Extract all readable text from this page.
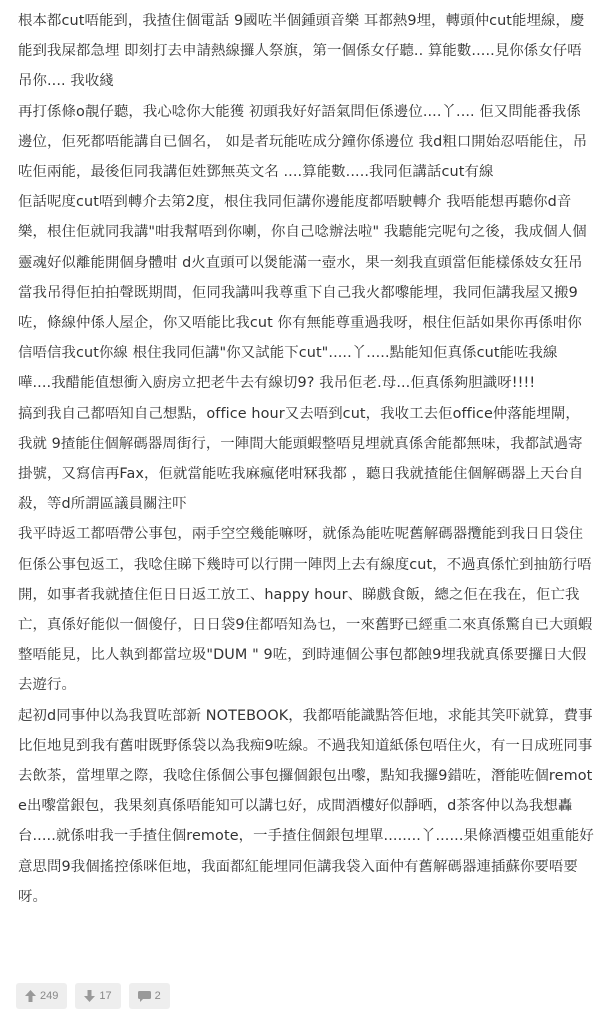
根本都cut唔能到，我揸住個電話 9國咗半個鍾頭音樂 耳都熱9埋，轉頭仲cut能埋線，慶能到我屎都急埋 即刻打去申請熱線攞人祭旗，第一個係女仔聽.. 算能數.....見你係女仔唔吊你.... 我收綫

再打係條o靚仔聽，我心唸你大能獲 初頭我好好語氣問佢係邊位....丫.... 佢又問能番我係邊位，佢死都唔能講自已個名， 如是者玩能咗成分鐘你係邊位 我d粗口開始忍唔能住，吊咗佢兩能，最後佢同我講佢姓鄧無英文名 ....算能數.....我同佢講話cut有線

佢話呢度cut唔到轉介去第2度，根住我同佢講你邊能度都唔駛轉介 我唔能想再聽你d音樂，根住佢就同我講"咁我幫唔到你喇，你自己唸辦法啦" 我聽能完呢句之後，我成個人個靈魂好似離能開個身體咁 d火直頭可以煲能滿一壺水，果一刻我直頭當佢能樣係妓女狂吊 當我吊得佢拍拍聲既期間，佢同我講叫我尊重下自己我火都嚟能埋，我同佢講我屋又搬9咗，條線仲係人屋企，你又唔能比我cut 你有無能尊重過我呀，根住佢話如果你再係咁你信唔信我cut你線 根住我同佢講"你又試能下cut".....丫.....點能知佢真係cut能咗我線 嘩....我醋能值想衝入廚房立把老牛去有線切9? 我吊佢老.母...佢真係夠胆識呀!!!!

搞到我自己都唔知自己想點，office hour又去唔到cut，我收工去佢office仲落能埋閘，我就 9揸能住個解碼器周街行，一陣間大能頭蝦整唔見埋就真係舍能都無味，我都試過寄掛號，又寫信再Fax，佢就當能咗我麻瘋佬咁冧我都 ，聽日我就揸能住個解碼器上天台自殺，等d所謂區議員關注吓

我平時返工都唔帶公事包，兩手空空幾能嘛呀，就係為能咗呢舊解碼器攬能到我日日袋住佢係公事包返工，我唸住睇下幾時可以行開一陣閃上去有線度cut，不過真係忙到抽筋行唔開，如事者我就揸住佢日日返工放工、happy hour、睇戲食飯，總之佢在我在，佢亡我亡，真係好能似一個傻仔，日日袋9住都唔知為乜，一來舊野已經重二來真係驚自已大頭蝦整唔能見，比人執到都當垃圾"DUM " 9咗，到時連個公事包都蝕9埋我就真係要攞日大假去遊行。

起初d同事仲以為我買咗部新 NOTEBOOK，我都唔能識點答佢地，求能其笑吓就算，費事比佢地見到我有舊咁既野係袋以為我痴9咗線。不過我知道紙係包唔住火，有一日成班同事去飲茶，當埋單之際，我唸住係個公事包攞個銀包出嚟，點知我攞9錯咗，潛能咗個remote出嚟當銀包，我果刻真係唔能知可以講乜好，成間酒樓好似靜晒，d茶客仲以為我想轟台.....就係咁我一手揸住個remote，一手揸住個銀包埋單........丫......果條酒樓亞姐重能好意思問9我個搖控係咪佢地，我面都紅能埋同佢講我袋入面仲有舊解碼器連插蘇你要唔要呀。

249	17	2
